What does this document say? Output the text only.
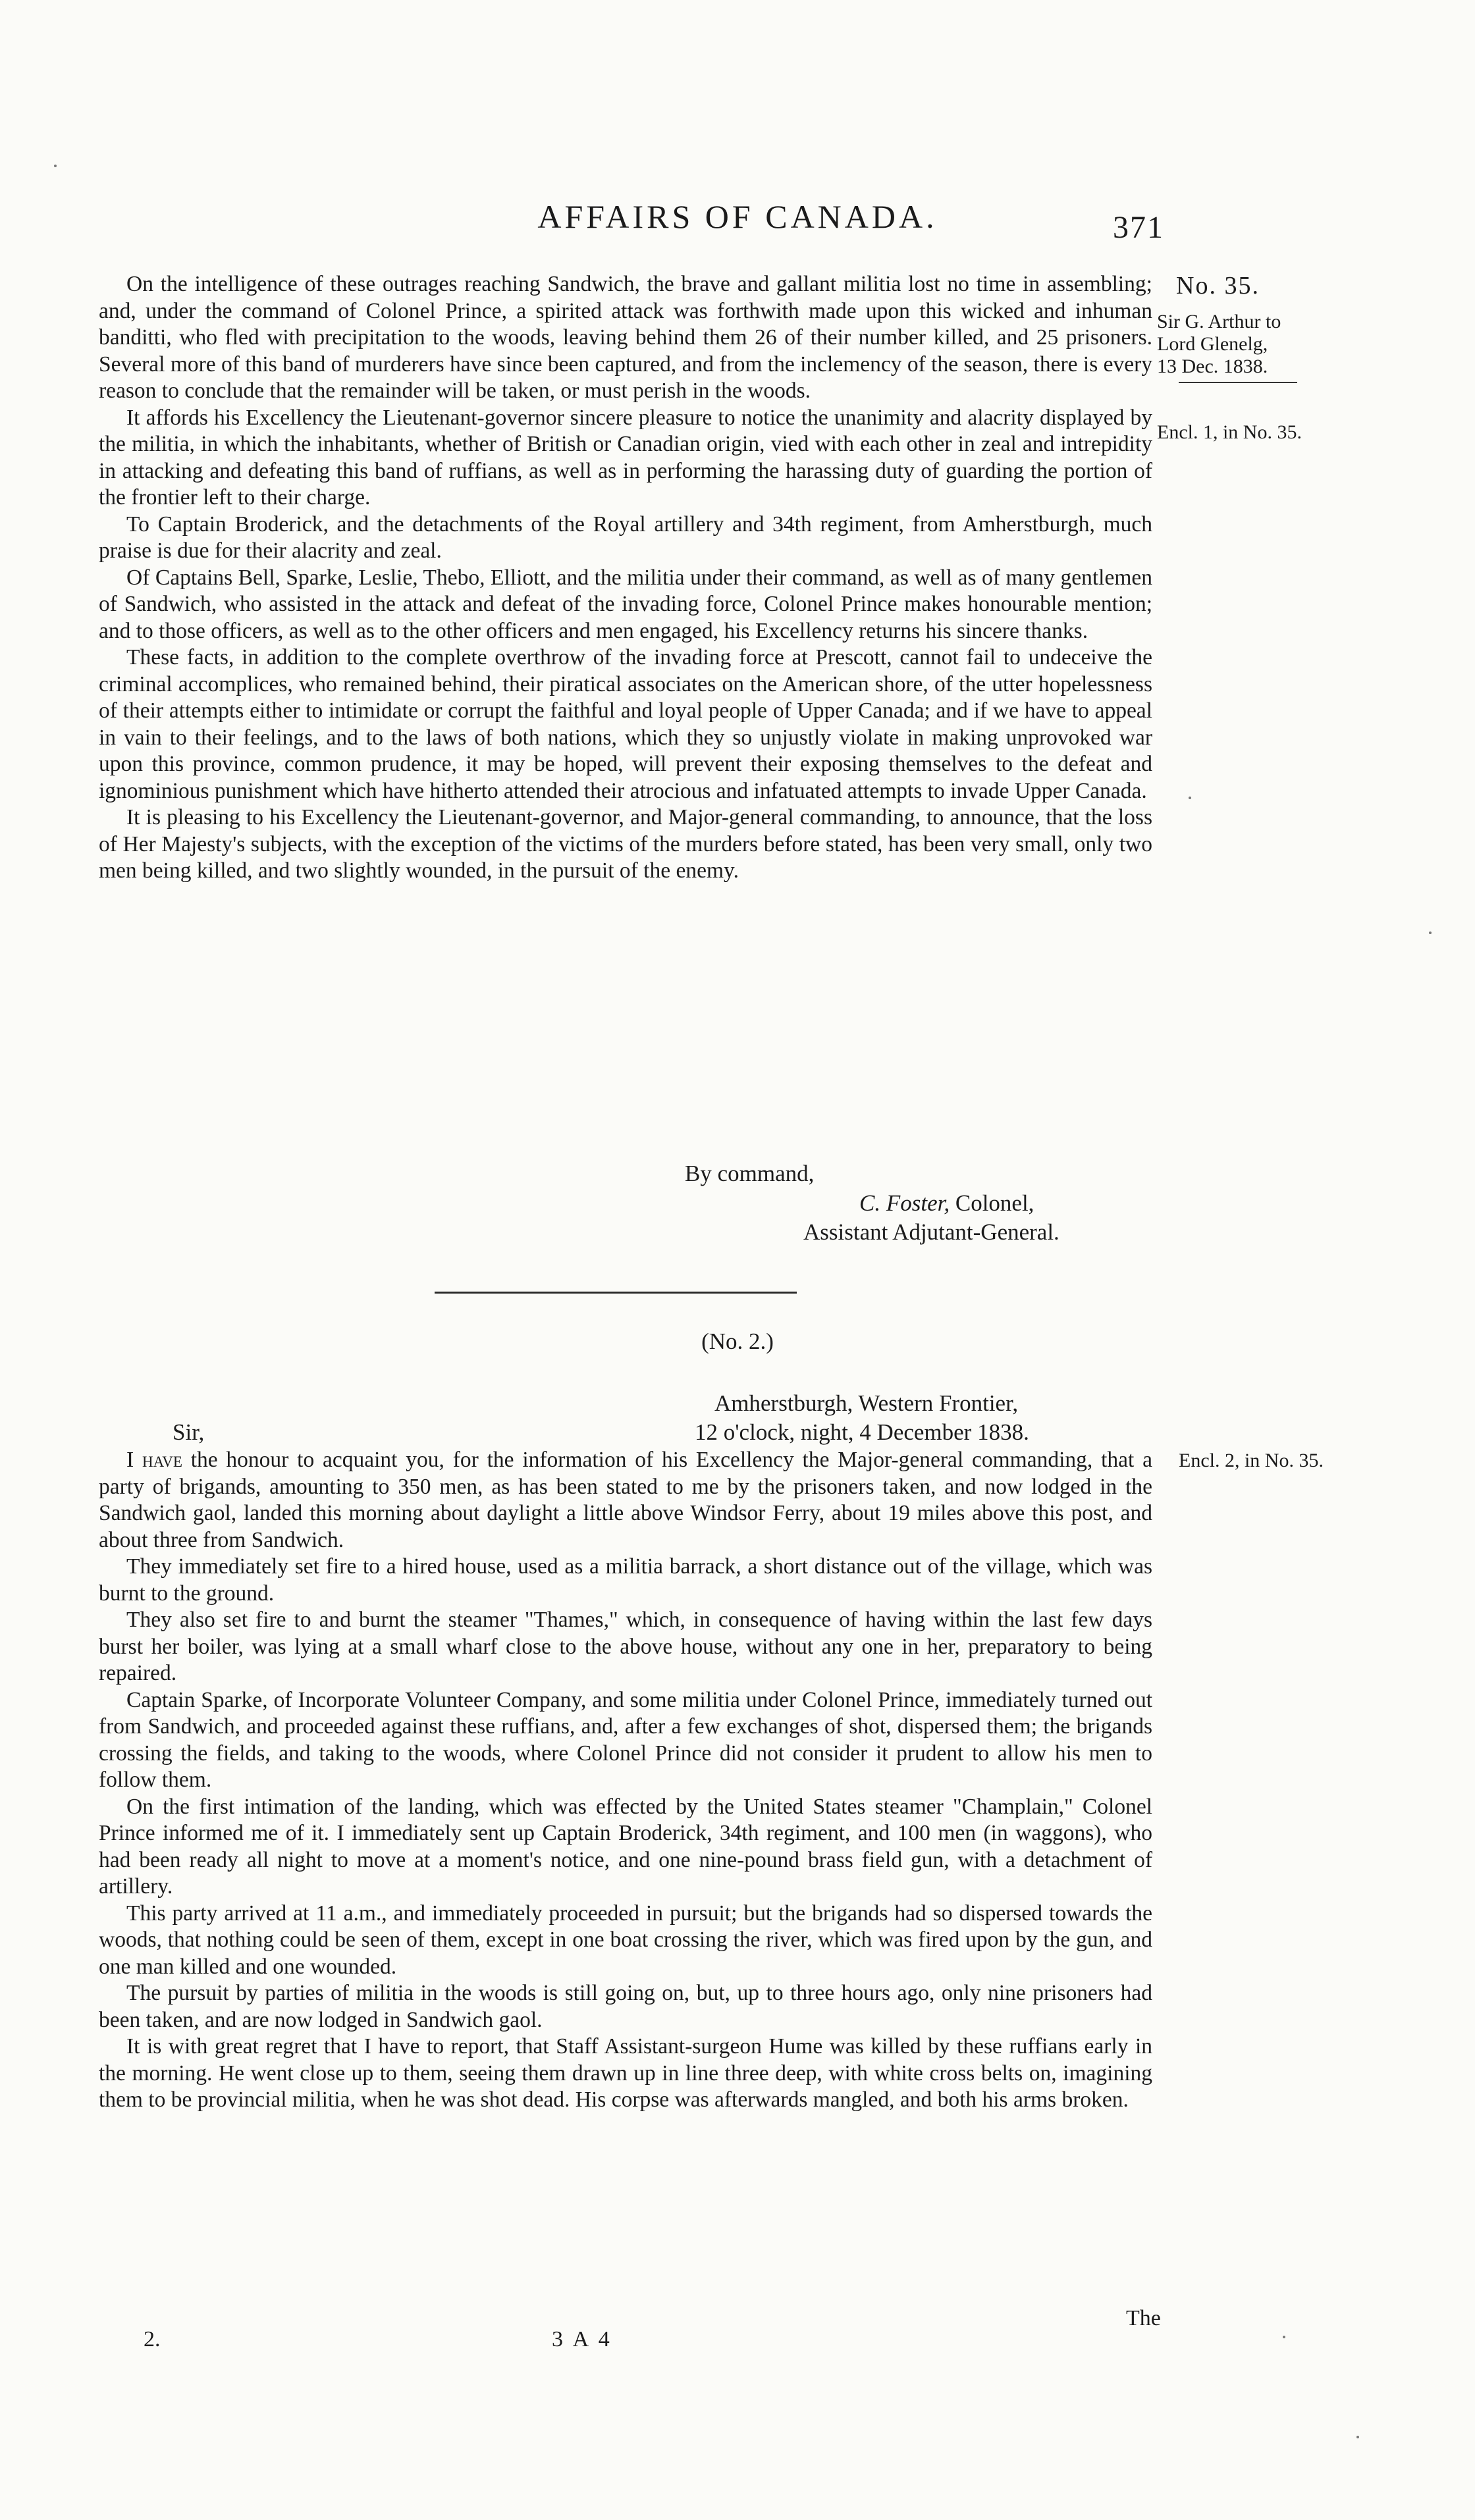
AFFAIRS OF CANADA.	371
No. 35.
Sir G. Arthur to
Lord Glenelg,
13 Dec. 1838.
Encl. 1, in No. 35.
Encl. 2, in No. 35.

On the intelligence of these outrages reaching Sandwich, the brave and gallant militia lost no time in assembling; and, under the command of Colonel Prince, a spirited attack was forthwith made upon this wicked and inhuman banditti, who fled with precipitation to the woods, leaving behind them 26 of their number killed, and 25 prisoners. Several more of this band of murderers have since been captured, and from the inclemency of the season, there is every reason to conclude that the remainder will be taken, or must perish in the woods.

It affords his Excellency the Lieutenant-governor sincere pleasure to notice the unanimity and alacrity displayed by the militia, in which the inhabitants, whether of British or Canadian origin, vied with each other in zeal and intrepidity in attacking and defeating this band of ruffians, as well as in performing the harassing duty of guarding the portion of the frontier left to their charge.

To Captain Broderick, and the detachments of the Royal artillery and 34th regiment, from Amherstburgh, much praise is due for their alacrity and zeal.

Of Captains Bell, Sparke, Leslie, Thebo, Elliott, and the militia under their command, as well as of many gentlemen of Sandwich, who assisted in the attack and defeat of the invading force, Colonel Prince makes honourable mention; and to those officers, as well as to the other officers and men engaged, his Excellency returns his sincere thanks.

These facts, in addition to the complete overthrow of the invading force at Prescott, cannot fail to undeceive the criminal accomplices, who remained behind, their piratical associates on the American shore, of the utter hopelessness of their attempts either to intimidate or corrupt the faithful and loyal people of Upper Canada; and if we have to appeal in vain to their feelings, and to the laws of both nations, which they so unjustly violate in making unprovoked war upon this province, common prudence, it may be hoped, will prevent their exposing themselves to the defeat and ignominious punishment which have hitherto attended their atrocious and infatuated attempts to invade Upper Canada.

It is pleasing to his Excellency the Lieutenant-governor, and Major-general commanding, to announce, that the loss of Her Majesty's subjects, with the exception of the victims of the murders before stated, has been very small, only two men being killed, and two slightly wounded, in the pursuit of the enemy.

By command,
C. Foster, Colonel,
Assistant Adjutant-General.
(No. 2.)
Amherstburgh, Western Frontier,
Sir,	12 o'clock, night, 4 December 1838.

I have the honour to acquaint you, for the information of his Excellency the Major-general commanding, that a party of brigands, amounting to 350 men, as has been stated to me by the prisoners taken, and now lodged in the Sandwich gaol, landed this morning about daylight a little above Windsor Ferry, about 19 miles above this post, and about three from Sandwich.

They immediately set fire to a hired house, used as a militia barrack, a short distance out of the village, which was burnt to the ground.

They also set fire to and burnt the steamer "Thames," which, in consequence of having within the last few days burst her boiler, was lying at a small wharf close to the above house, without any one in her, preparatory to being repaired.

Captain Sparke, of Incorporate Volunteer Company, and some militia under Colonel Prince, immediately turned out from Sandwich, and proceeded against these ruffians, and, after a few exchanges of shot, dispersed them; the brigands crossing the fields, and taking to the woods, where Colonel Prince did not consider it prudent to allow his men to follow them.

On the first intimation of the landing, which was effected by the United States steamer "Champlain," Colonel Prince informed me of it. I immediately sent up Captain Broderick, 34th regiment, and 100 men (in waggons), who had been ready all night to move at a moment's notice, and one nine-pound brass field gun, with a detachment of artillery.

This party arrived at 11 a.m., and immediately proceeded in pursuit; but the brigands had so dispersed towards the woods, that nothing could be seen of them, except in one boat crossing the river, which was fired upon by the gun, and one man killed and one wounded.

The pursuit by parties of militia in the woods is still going on, but, up to three hours ago, only nine prisoners had been taken, and are now lodged in Sandwich gaol.

It is with great regret that I have to report, that Staff Assistant-surgeon Hume was killed by these ruffians early in the morning. He went close up to them, seeing them drawn up in line three deep, with white cross belts on, imagining them to be provincial militia, when he was shot dead. His corpse was afterwards mangled, and both his arms broken.

2.	3 A 4
The
